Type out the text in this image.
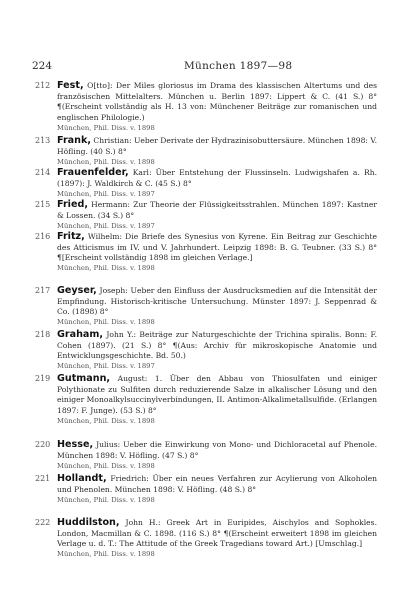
224	München 1897—98
212 Fest, O[tto]: Der Miles gloriosus im Drama des klassischen Altertums und des französischen Mittelalters. München u. Berlin 1897: Lippert & C. (41 S.) 8° ¶(Erscheint vollständig als H. 13 von: Münchener Beiträge zur romanischen und englischen Philologie.)

München, Phil. Diss. v. 1898
213 Frank, Christian: Ueber Derivate der Hydrazinisobuttersäure. München 1898: V. Höfling. (40 S.) 8°

München, Phil. Diss. v. 1898
214 Frauenfelder, Karl: Über Entstehung der Flussinseln. Ludwigshafen a. Rh. (1897): J. Waldkirch & C. (45 S.) 8°

München, Phil. Diss. v. 1897
215 Fried, Hermann: Zur Theorie der Flüssigkeitsstrahlen. München 1897: Kastner & Lossen. (34 S.) 8°

München, Phil. Diss. v. 1897
216 Fritz, Wilhelm: Die Briefe des Synesius von Kyrene. Ein Beitrag zur Geschichte des Atticismus im IV. und V. Jahrhundert. Leipzig 1898: B. G. Teubner. (33 S.) 8° ¶[Erscheint vollständig 1898 im gleichen Verlage.]

München, Phil. Diss. v. 1898
217 Geyser, Joseph: Ueber den Einfluss der Ausdrucksmedien auf die Intensität der Empfindung. Historisch-kritische Untersuchung. Münster 1897: J. Seppenrad & Co. (1898) 8°

München, Phil. Diss. v. 1898
218 Graham, John Y.: Beiträge zur Naturgeschichte der Trichina spiralis. Bonn: F. Cohen (1897). (21 S.) 8° ¶(Aus: Archiv für mikroskopische Anatomie und Entwicklungsgeschichte. Bd. 50.)

München, Phil. Diss. v. 1897
219 Gutmann, August: 1. Über den Abbau von Thiosulfaten und einiger Polythionate zu Sulfiten durch reduzierende Salze in alkalischer Lösung und den einiger Monoalkylsuccinylverbindungen, II. Antimon-Alkalimetallsulfide. (Erlangen 1897: F. Junge). (53 S.) 8°

München, Phil. Diss. v. 1898
220 Hesse, Julius: Ueber die Einwirkung von Mono- und Dichloracetal auf Phenole. München 1898: V. Höfling. (47 S.) 8°

München, Phil. Diss. v. 1898
221 Hollandt, Friedrich: Über ein neues Verfahren zur Acylierung von Alkoholen und Phenolen. München 1898: V. Höfling. (48 S.) 8°

München, Phil. Diss. v. 1898
222 Huddilston, John H.: Greek Art in Euripides, Aischylos and Sophokles. London, Macmillan & C. 1898. (116 S.) 8° ¶(Erscheint erweitert 1898 im gleichen Verlage u. d. T.: The Attitude of the Greek Tragedians toward Art.) [Umschlag.]

München, Phil. Diss. v. 1898
